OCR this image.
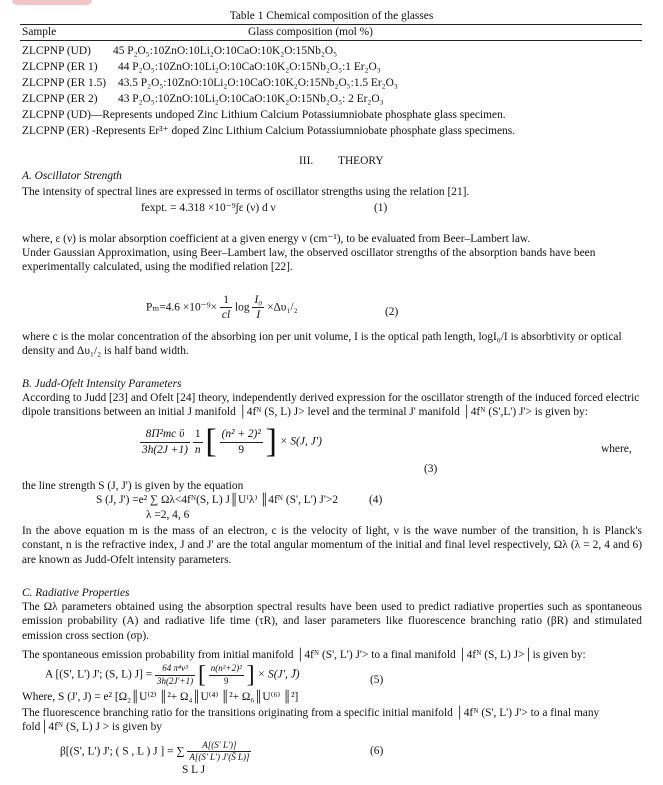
Table 1 Chemical composition of the glasses
Sample	Glass composition (mol %)
ZLCPNP (UD) 45 P₂O₅:10ZnO:10Li₂O:10CaO:10K₂O:15Nb₂O₅
ZLCPNP (ER 1) 44 P₂O₅:10ZnO:10Li₂O:10CaO:10K₂O:15Nb₂O₅:1 Er₂O₃
ZLCPNP (ER 1.5) 43.5 P₂O₅:10ZnO:10Li₂O:10CaO:10K₂O:15Nb₂O₅:1.5 Er₂O₃
ZLCPNP (ER 2) 43 P₂O₅:10ZnO:10Li₂O:10CaO:10K₂O:15Nb₂O₅: 2 Er₂O₃
ZLCPNP (UD)—Represents undoped Zinc Lithium Calcium Potassiumniobate phosphate glass specimen.
ZLCPNP (ER) -Represents Er³⁺ doped Zinc Lithium Calcium Potassiumniobate phosphate glass specimens.
III. THEORY
A. Oscillator Strength
The intensity of spectral lines are expressed in terms of oscillator strengths using the relation [21].
fexpt. = 4.318 ×10⁻⁹∫ε (ν) d ν	(1)
where, ε (ν) is molar absorption coefficient at a given energy ν (cm⁻¹), to be evaluated from Beer–Lambert law.
Under Gaussian Approximation, using Beer–Lambert law, the observed oscillator strengths of the absorption bands have been experimentally calculated, using the modified relation [22].
$P_m=4.6 \times 10^{-9}\times \frac{1}{cl}$ $\log \frac{\text{I₀}}{I} \times\Delta\upsilon_1/_2$	(2)
where c is the molar concentration of the absorbing ion per unit volume, I is the optical path length, logI₀/I is absorbtivity or optical density and Δυ₁/₂ is half band width.
B. Judd-Ofelt Intensity Parameters
According to Judd [23] and Ofelt [24] theory, independently derived expression for the oscillator strength of the induced forced electric dipole transitions between an initial J manifold │4fᴺ (S, L) J> level and the terminal J' manifold │4fᴺ (S',L') J'> is given by:
$\frac{\text{8Π²mc ῡ}}{3h(2J +1)}$
$\frac{1}{n}$ [ $\frac{\text{(n² + 2)²}}{9}$ ] × S(J, J′)
where,
(3)
the line strength S (J, J') is given by the equation
S (J, J') =e² ∑ Ωλ<4fᴺ(S, L) J║U⁽λ⁾ ║4fᴺ (S', L') J'>2	(4)
λ =2, 4, 6
In the above equation m is the mass of an electron, c is the velocity of light, ν is the wave number of the transition, h is Planck's constant, n is the refractive index, J and J' are the total angular momentum of the initial and final level respectively, Ωλ (λ = 2, 4 and 6) are known as Judd-Ofelt intensity parameters.
C. Radiative Properties
The Ωλ parameters obtained using the absorption spectral results have been used to predict radiative properties such as spontaneous emission probability (A) and radiative life time (τR), and laser parameters like fluorescence branching ratio (βR) and stimulated emission cross section (σp).
The spontaneous emission probability from initial manifold │4fᴺ (S', L') J'> to a final manifold │4fᴺ (S, L) J>│is given by:
A [(S', L') J'; (S, L) $J] = \frac{\text{64 π⁴ν³}}{3h(2J'+1)}$ [ $\frac{\text{n(n²+2)²}}{9}$ ] × S(J′, J̄)	(5)
Where, S (J', J) = e² [Ω₂║U⁽²⁾ ║²+ Ω₄║U⁽⁴⁾ ║²+ Ω₆║U⁽⁶⁾ ║²]
The fluorescence branching ratio for the transitions originating from a specific initial manifold │4fᴺ (S', L') J'> to a final many fold│4fᴺ (S, L) J > is given by
β[(S', L') J'; ( S , L ) J ] = ∑ $\frac{A[(S' L')]}{A[(S' L') J'(S̄ L)]}$	(6)
S L J
